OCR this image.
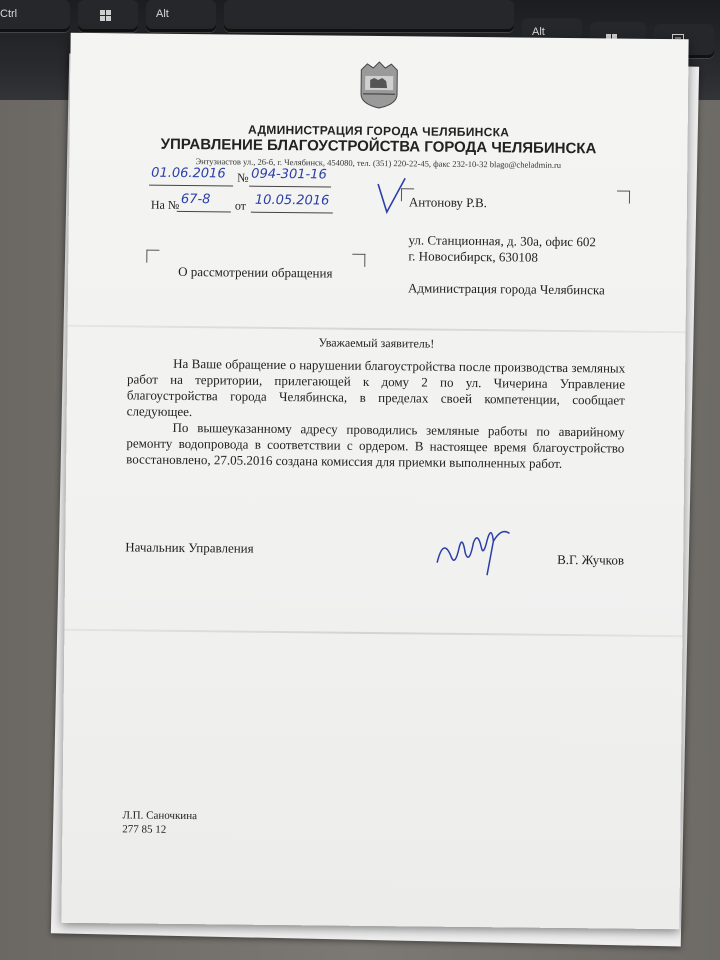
Ctrl	Alt
Alt
АДМИНИСТРАЦИЯ ГОРОДА ЧЕЛЯБИНСКА
УПРАВЛЕНИЕ БЛАГОУСТРОЙСТВА ГОРОДА ЧЕЛЯБИНСКА
Энтузиастов ул., 26-б, г. Челябинск, 454080, тел. (351) 220-22-45, факс 232-10-32 blago@cheladmin.ru
01.06.2016 № 094-301-16
На № 67-8 от 10.05.2016	Антонову Р.В.
ул. Станционная, д. 30а, офис 602
г. Новосибирск, 630108
Администрация города Челябинска
О рассмотрении обращения
Уважаемый заявитель!

На Ваше обращение о нарушении благоустройства после производства земляных работ на территории, прилегающей к дому 2 по ул. Чичерина Управление благоустройства города Челябинска, в пределах своей компетенции, сообщает следующее.

По вышеуказанному адресу проводились земляные работы по аварийному ремонту водопровода в соответствии с ордером. В настоящее время благоустройство восстановлено, 27.05.2016 создана комиссия для приемки выполненных работ.

Начальник Управления
В.Г. Жучков
Л.П. Саночкина
277 85 12
